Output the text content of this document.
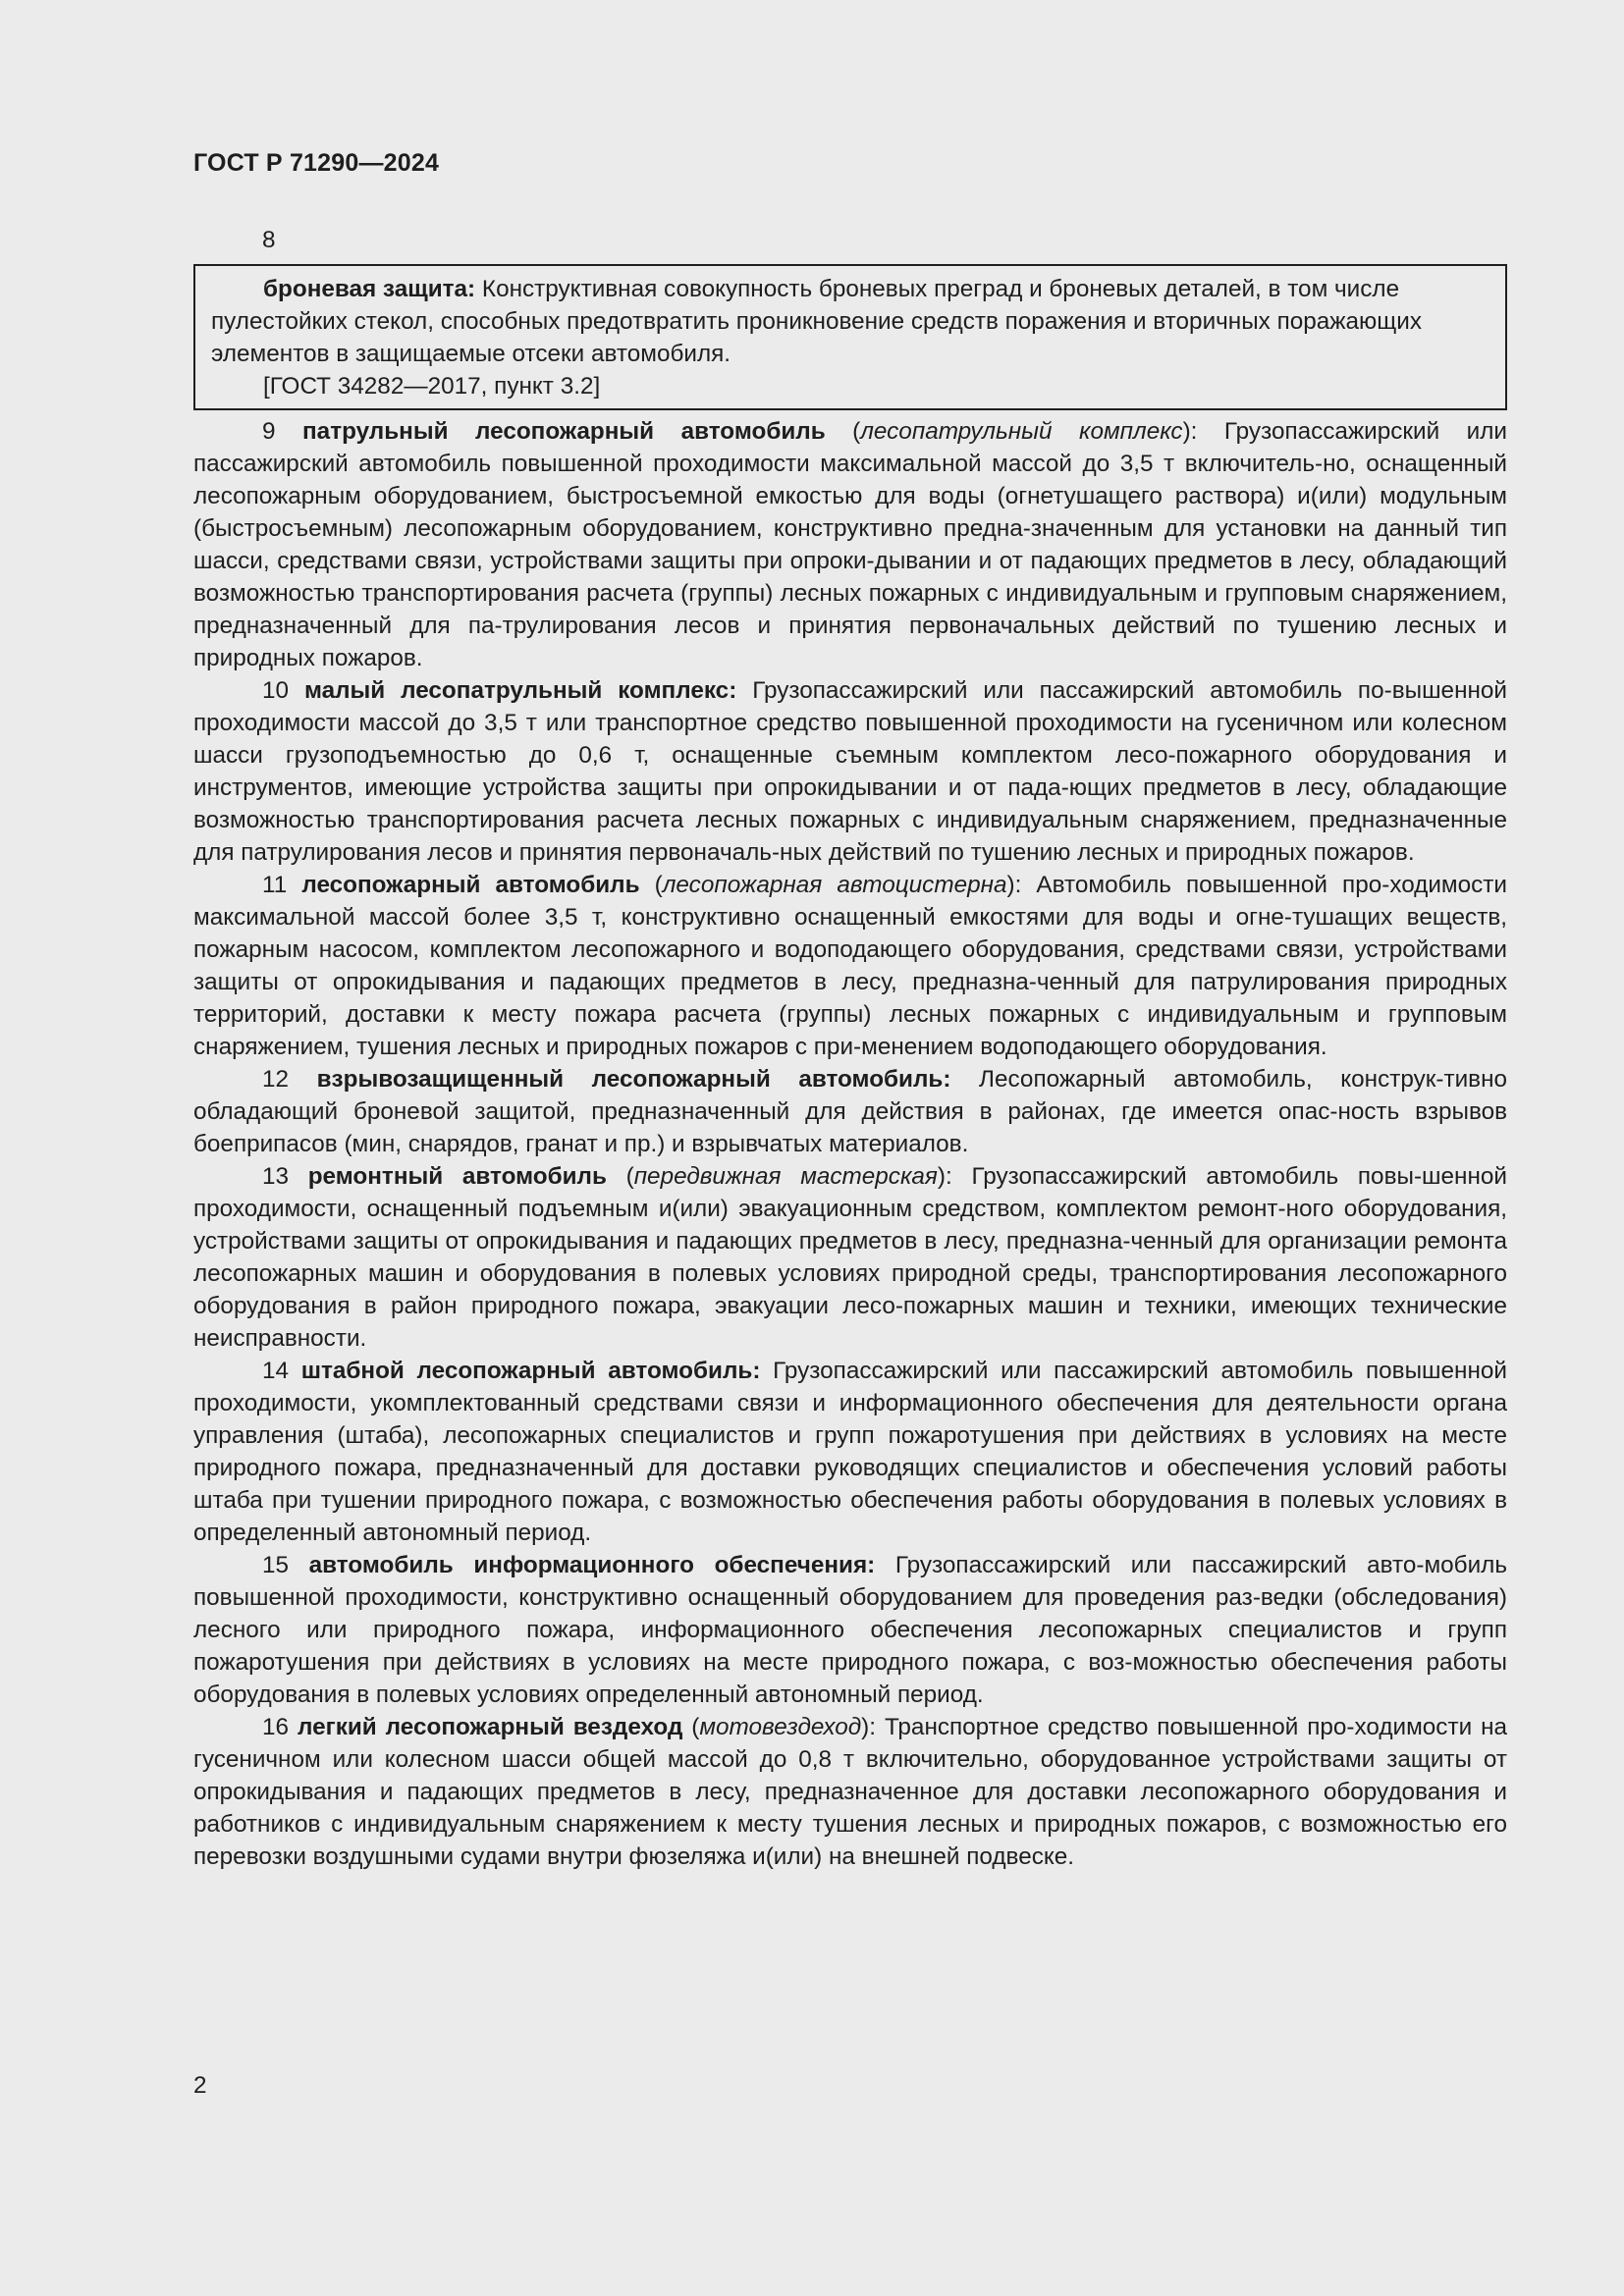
ГОСТ Р 71290—2024
8

броневая защита: Конструктивная совокупность броневых преград и броневых деталей, в том числе пулестойких стекол, способных предотвратить проникновение средств поражения и вторичных поражающих элементов в защищаемые отсеки автомобиля.

[ГОСТ 34282—2017, пункт 3.2]

9 патрульный лесопожарный автомобиль (лесопатрульный комплекс): Грузопассажирский или пассажирский автомобиль повышенной проходимости максимальной массой до 3,5 т включитель-но, оснащенный лесопожарным оборудованием, быстросъемной емкостью для воды (огнетушащего раствора) и(или) модульным (быстросъемным) лесопожарным оборудованием, конструктивно предна-значенным для установки на данный тип шасси, средствами связи, устройствами защиты при опроки-дывании и от падающих предметов в лесу, обладающий возможностью транспортирования расчета (группы) лесных пожарных с индивидуальным и групповым снаряжением, предназначенный для па-трулирования лесов и принятия первоначальных действий по тушению лесных и природных пожаров.

10 малый лесопатрульный комплекс: Грузопассажирский или пассажирский автомобиль по-вышенной проходимости массой до 3,5 т или транспортное средство повышенной проходимости на гусеничном или колесном шасси грузоподъемностью до 0,6 т, оснащенные съемным комплектом лесо-пожарного оборудования и инструментов, имеющие устройства защиты при опрокидывании и от пада-ющих предметов в лесу, обладающие возможностью транспортирования расчета лесных пожарных с индивидуальным снаряжением, предназначенные для патрулирования лесов и принятия первоначаль-ных действий по тушению лесных и природных пожаров.

11 лесопожарный автомобиль (лесопожарная автоцистерна): Автомобиль повышенной про-ходимости максимальной массой более 3,5 т, конструктивно оснащенный емкостями для воды и огне-тушащих веществ, пожарным насосом, комплектом лесопожарного и водоподающего оборудования, средствами связи, устройствами защиты от опрокидывания и падающих предметов в лесу, предназна-ченный для патрулирования природных территорий, доставки к месту пожара расчета (группы) лесных пожарных с индивидуальным и групповым снаряжением, тушения лесных и природных пожаров с при-менением водоподающего оборудования.

12 взрывозащищенный лесопожарный автомобиль: Лесопожарный автомобиль, конструк-тивно обладающий броневой защитой, предназначенный для действия в районах, где имеется опас-ность взрывов боеприпасов (мин, снарядов, гранат и пр.) и взрывчатых материалов.

13 ремонтный автомобиль (передвижная мастерская): Грузопассажирский автомобиль повы-шенной проходимости, оснащенный подъемным и(или) эвакуационным средством, комплектом ремонт-ного оборудования, устройствами защиты от опрокидывания и падающих предметов в лесу, предназна-ченный для организации ремонта лесопожарных машин и оборудования в полевых условиях природной среды, транспортирования лесопожарного оборудования в район природного пожара, эвакуации лесо-пожарных машин и техники, имеющих технические неисправности.

14 штабной лесопожарный автомобиль: Грузопассажирский или пассажирский автомобиль повышенной проходимости, укомплектованный средствами связи и информационного обеспечения для деятельности органа управления (штаба), лесопожарных специалистов и групп пожаротушения при действиях в условиях на месте природного пожара, предназначенный для доставки руководящих специалистов и обеспечения условий работы штаба при тушении природного пожара, с возможностью обеспечения работы оборудования в полевых условиях в определенный автономный период.

15 автомобиль информационного обеспечения: Грузопассажирский или пассажирский авто-мобиль повышенной проходимости, конструктивно оснащенный оборудованием для проведения раз-ведки (обследования) лесного или природного пожара, информационного обеспечения лесопожарных специалистов и групп пожаротушения при действиях в условиях на месте природного пожара, с воз-можностью обеспечения работы оборудования в полевых условиях определенный автономный период.

16 легкий лесопожарный вездеход (мотовездеход): Транспортное средство повышенной про-ходимости на гусеничном или колесном шасси общей массой до 0,8 т включительно, оборудованное устройствами защиты от опрокидывания и падающих предметов в лесу, предназначенное для доставки лесопожарного оборудования и работников с индивидуальным снаряжением к месту тушения лесных и природных пожаров, с возможностью его перевозки воздушными судами внутри фюзеляжа и(или) на внешней подвеске.

2
